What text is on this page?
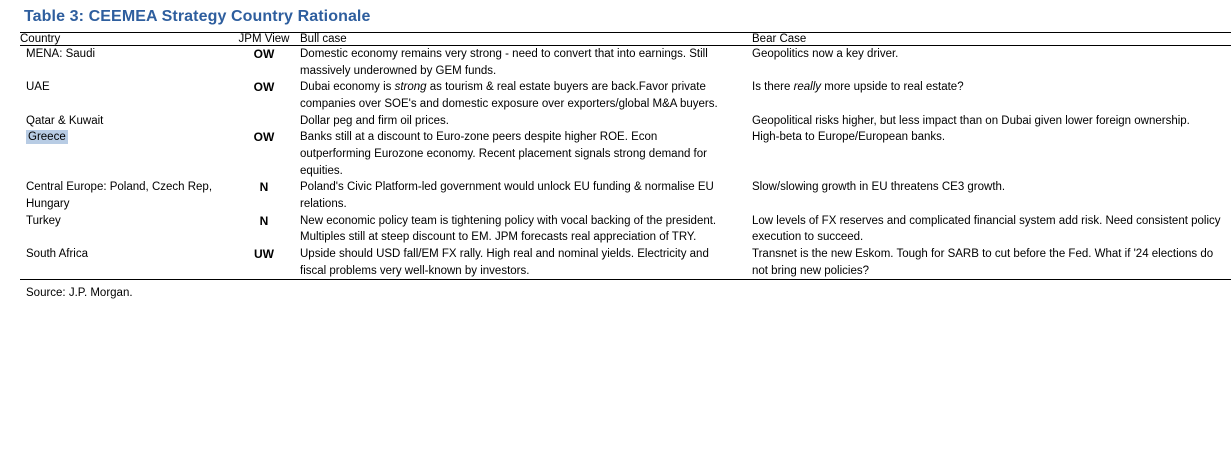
Table 3: CEEMEA Strategy Country Rationale
Country	JPM View	Bull case	Bear Case
MENA: Saudi	OW	Domestic economy remains very strong - need to convert that into earnings. Still massively underowned by GEM funds.	Geopolitics now a key driver.
UAE	OW	Dubai economy is strong as tourism & real estate buyers are back.Favor private companies over SOE's and domestic exposure over exporters/global M&A buyers.	Is there really more upside to real estate?
Qatar & Kuwait		Dollar peg and firm oil prices.	Geopolitical risks higher, but less impact than on Dubai given lower foreign ownership.
Greece	OW	Banks still at a discount to Euro-zone peers despite higher ROE. Econ outperforming Eurozone economy. Recent placement signals strong demand for equities.	High-beta to Europe/European banks.
Central Europe: Poland, Czech Rep, Hungary	N	Poland's Civic Platform-led government would unlock EU funding & normalise EU relations.	Slow/slowing growth in EU threatens CE3 growth.
Turkey	N	New economic policy team is tightening policy with vocal backing of the president. Multiples still at steep discount to EM. JPM forecasts real appreciation of TRY.	Low levels of FX reserves and complicated financial system add risk. Need consistent policy execution to succeed.
South Africa	UW	Upside should USD fall/EM FX rally. High real and nominal yields. Electricity and fiscal problems very well-known by investors.	Transnet is the new Eskom. Tough for SARB to cut before the Fed. What if '24 elections do not bring new policies?
Source: J.P. Morgan.
